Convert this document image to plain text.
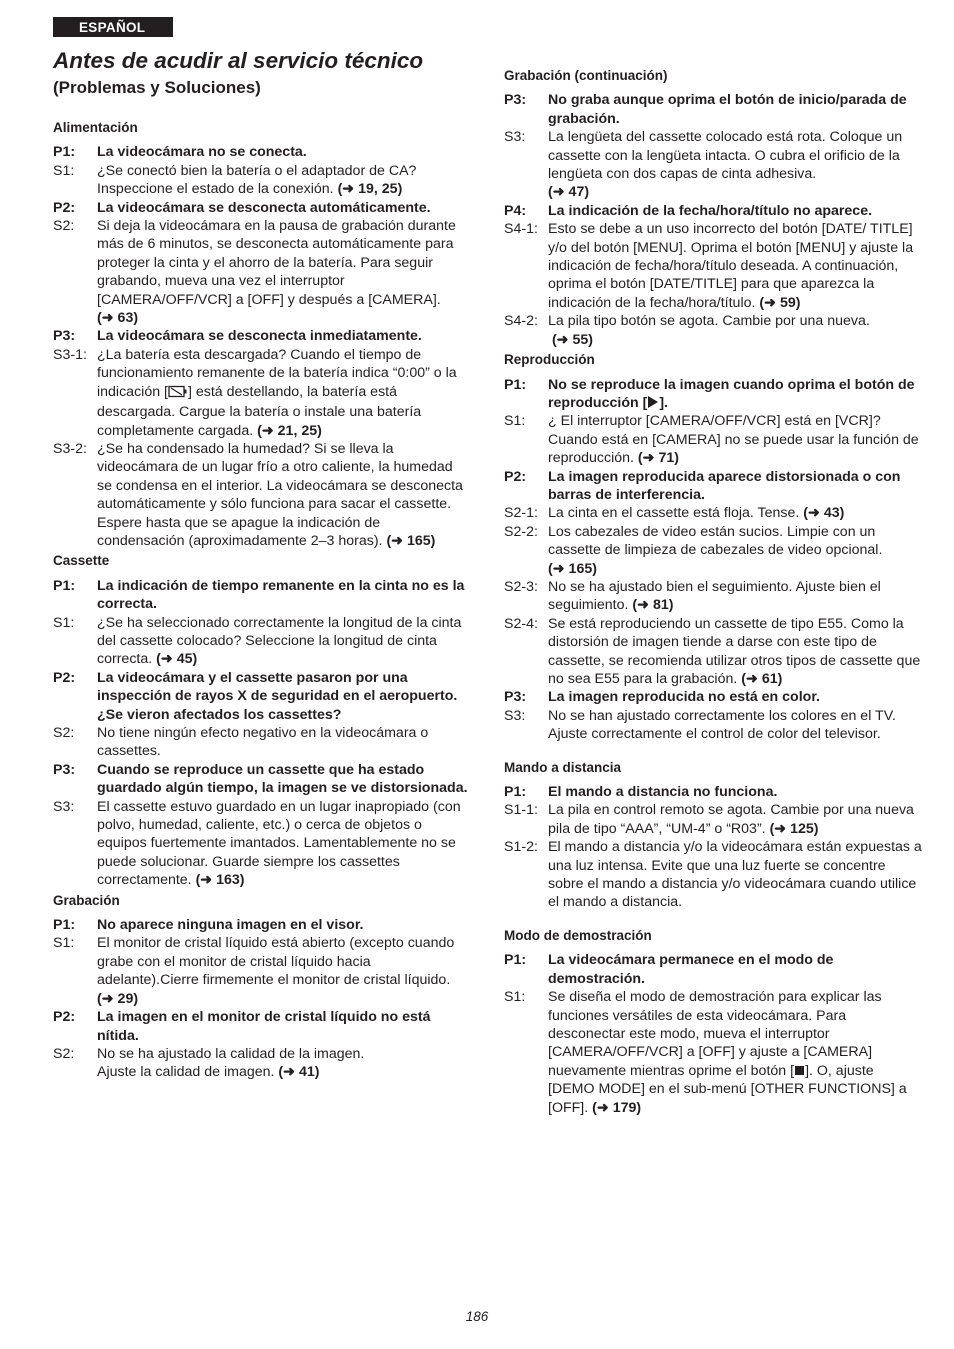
ESPAÑOL
Antes de acudir al servicio técnico
(Problemas y Soluciones)
Alimentación
P1:	La videocámara no se conecta.
S1:	¿Se conectó bien la batería o el adaptador de CA? Inspeccione el estado de la conexión. (➜ 19, 25)
P2:	La videocámara se desconecta automáticamente.
S2:	Si deja la videocámara en la pausa de grabación durante más de 6 minutos, se desconecta automáticamente para proteger la cinta y el ahorro de la batería. Para seguir grabando, mueva una vez el interruptor [CAMERA/OFF/VCR] a [OFF] y después a [CAMERA]. (➜ 63)
P3:	La videocámara se desconecta inmediatamente.
S3-1: ¿La batería esta descargada? Cuando el tiempo de funcionamiento remanente de la batería indica “0:00” o la indicación [ ] está destellando, la batería está descargada. Cargue la batería o instale una batería completamente cargada. (➜ 21, 25)
S3-2: ¿Se ha condensado la humedad? Si se lleva la videocámara de un lugar frío a otro caliente, la humedad se condensa en el interior. La videocámara se desconecta automáticamente y sólo funciona para sacar el cassette. Espere hasta que se apague la indicación de condensación (aproximadamente 2–3 horas). (➜ 165)
Cassette
P1:	La indicación de tiempo remanente en la cinta no es la correcta.
S1:	¿Se ha seleccionado correctamente la longitud de la cinta del cassette colocado? Seleccione la longitud de cinta correcta. (➜ 45)
P2:	La videocámara y el cassette pasaron por una inspección de rayos X de seguridad en el aeropuerto. ¿Se vieron afectados los cassettes?
S2:	No tiene ningún efecto negativo en la videocámara o cassettes.
P3:	Cuando se reproduce un cassette que ha estado guardado algún tiempo, la imagen se ve distorsionada.
S3:	El cassette estuvo guardado en un lugar inapropiado (con polvo, humedad, caliente, etc.) o cerca de objetos o equipos fuertemente imantados. Lamentablemente no se puede solucionar. Guarde siempre los cassettes correctamente. (➜ 163)
Grabación
P1:	No aparece ninguna imagen en el visor.
S1:	El monitor de cristal líquido está abierto (excepto cuando grabe con el monitor de cristal líquido hacia adelante).Cierre firmemente el monitor de cristal líquido. (➜ 29)
P2:	La imagen en el monitor de cristal líquido no está nítida.
S2:	No se ha ajustado la calidad de la imagen.
Ajuste la calidad de imagen. (➜ 41)
Grabación (continuación)
P3:	No graba aunque oprima el botón de inicio/parada de grabación.
S3:	La lengüeta del cassette colocado está rota. Coloque un cassette con la lengüeta intacta. O cubra el orificio de la lengüeta con dos capas de cinta adhesiva.
(➜ 47)
P4:	La indicación de la fecha/hora/título no aparece.
S4-1: Esto se debe a un uso incorrecto del botón [DATE/ TITLE] y/o del botón [MENU]. Oprima el botón [MENU] y ajuste la indicación de fecha/hora/título deseada. A continuación, oprima el botón [DATE/TITLE] para que aparezca la indicación de la fecha/hora/título. (➜ 59)
S4-2: La pila tipo botón se agota. Cambie por una nueva.
(➜ 55)
Reproducción
P1:	No se reproduce la imagen cuando oprima el botón de reproducción [ ].
S1:	¿ El interruptor [CAMERA/OFF/VCR] está en [VCR]? Cuando está en [CAMERA] no se puede usar la función de reproducción. (➜ 71)
P2:	La imagen reproducida aparece distorsionada o con barras de interferencia.
S2-1: La cinta en el cassette está floja. Tense. (➜ 43)
S2-2: Los cabezales de video están sucios. Limpie con un cassette de limpieza de cabezales de video opcional.
(➜ 165)
S2-3: No se ha ajustado bien el seguimiento. Ajuste bien el seguimiento. (➜ 81)
S2-4: Se está reproduciendo un cassette de tipo E55. Como la distorsión de imagen tiende a darse con este tipo de cassette, se recomienda utilizar otros tipos de cassette que no sea E55 para la grabación. (➜ 61)
P3:	La imagen reproducida no está en color.
S3:	No se han ajustado correctamente los colores en el TV. Ajuste correctamente el control de color del televisor.
Mando a distancia
P1:	El mando a distancia no funciona.
S1-1: La pila en control remoto se agota. Cambie por una nueva pila de tipo “AAA”, “UM-4” o “R03”. (➜ 125)
S1-2: El mando a distancia y/o la videocámara están expuestas a una luz intensa. Evite que una luz fuerte se concentre sobre el mando a distancia y/o videocámara cuando utilice el mando a distancia.
Modo de demostración
P1:	La videocámara permanece en el modo de demostración.
S1:	Se diseña el modo de demostración para explicar las funciones versátiles de esta videocámara. Para desconectar este modo, mueva el interruptor [CAMERA/OFF/VCR] a [OFF] y ajuste a [CAMERA] nuevamente mientras oprime el botón [ ]. O, ajuste [DEMO MODE] en el sub-menú [OTHER FUNCTIONS] a [OFF]. (➜ 179)
186
